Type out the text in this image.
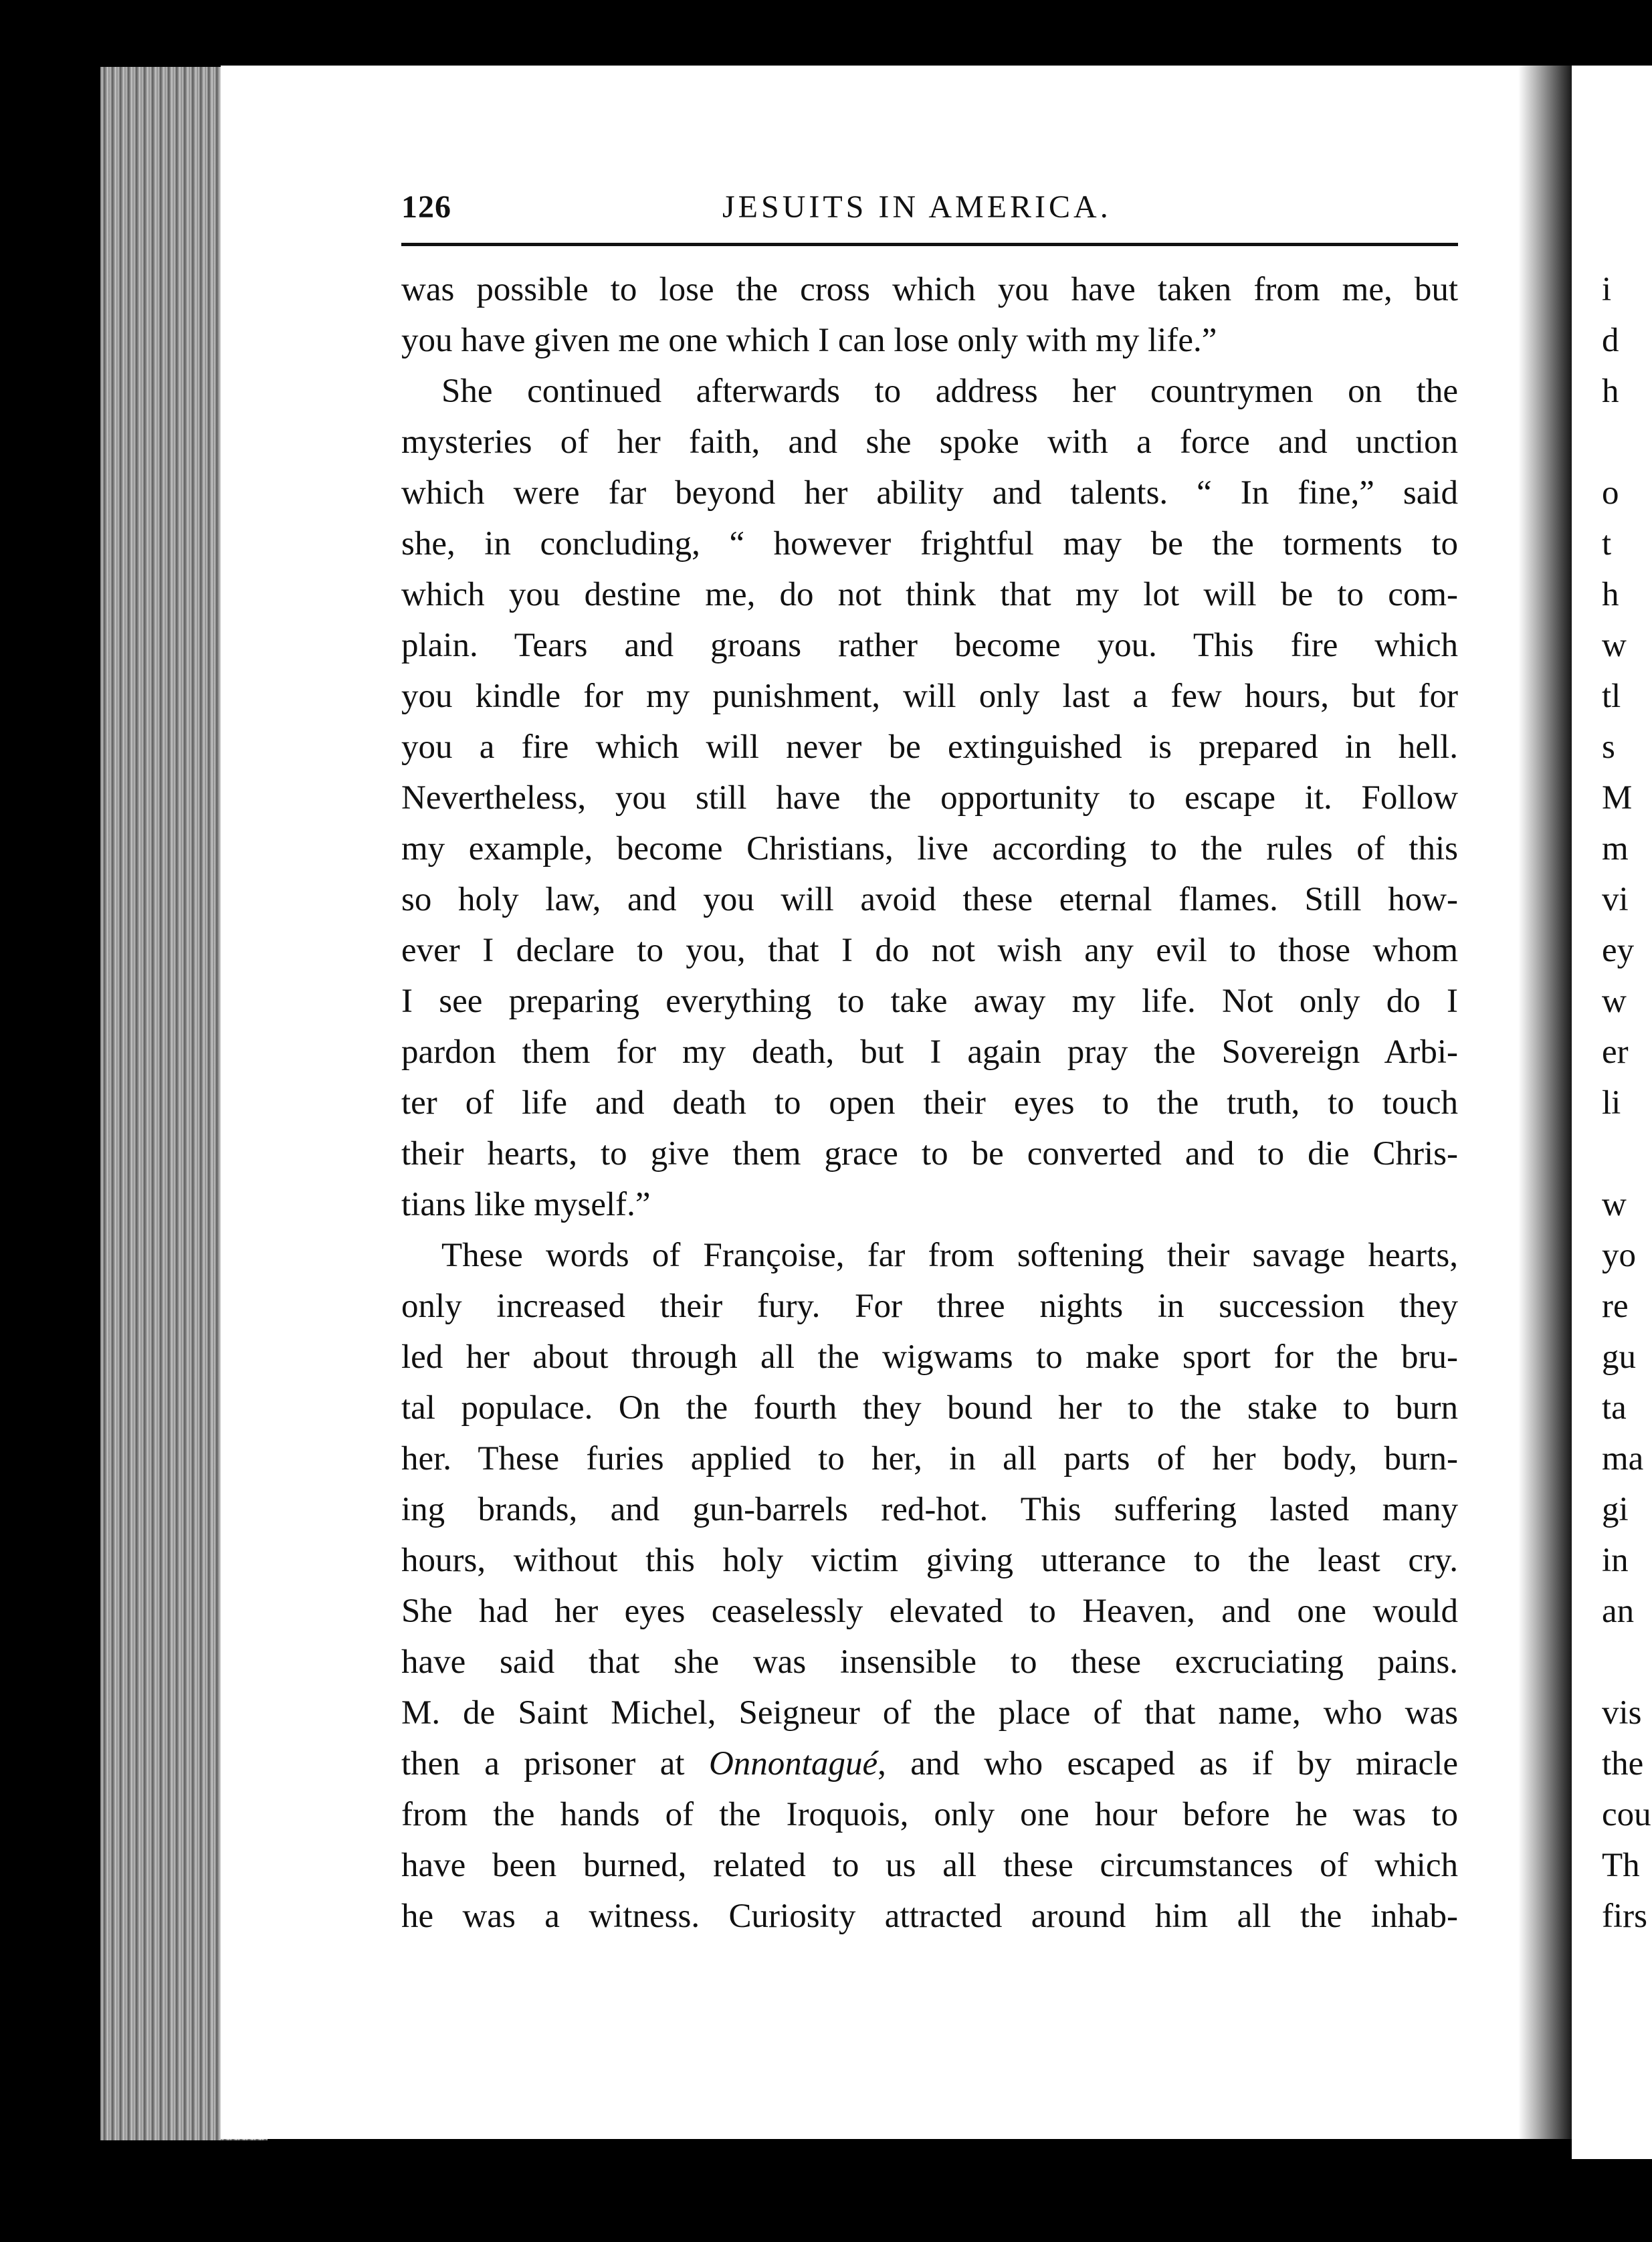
126	JESUITS IN AMERICA.
was possible to lose the cross which you have taken from me, but
you have given me one which I can lose only with my life.”
She continued afterwards to address her countrymen on the
mysteries of her faith, and she spoke with a force and unction
which were far beyond her ability and talents. “ In fine,” said
she, in concluding, “ however frightful may be the torments to
which you destine me, do not think that my lot will be to com-
plain. Tears and groans rather become you. This fire which
you kindle for my punishment, will only last a few hours, but for
you a fire which will never be extinguished is prepared in hell.
Nevertheless, you still have the opportunity to escape it. Follow
my example, become Christians, live according to the rules of this
so holy law, and you will avoid these eternal flames. Still how-
ever I declare to you, that I do not wish any evil to those whom
I see preparing everything to take away my life. Not only do I
pardon them for my death, but I again pray the Sovereign Arbi-
ter of life and death to open their eyes to the truth, to touch
their hearts, to give them grace to be converted and to die Chris-
tians like myself.”
These words of Françoise, far from softening their savage hearts,
only increased their fury. For three nights in succession they
led her about through all the wigwams to make sport for the bru-
tal populace. On the fourth they bound her to the stake to burn
her. These furies applied to her, in all parts of her body, burn-
ing brands, and gun-barrels red-hot. This suffering lasted many
hours, without this holy victim giving utterance to the least cry.
She had her eyes ceaselessly elevated to Heaven, and one would
have said that she was insensible to these excruciating pains.
M. de Saint Michel, Seigneur of the place of that name, who was
then a prisoner at Onnontagué, and who escaped as if by miracle
from the hands of the Iroquois, only one hour before he was to
have been burned, related to us all these circumstances of which
he was a witness. Curiosity attracted around him all the inhab-
i
d
h
o
t
h
w
tl
s
M
m
vi
ey
w
er
li
w
yo
re
gu
ta
ma
gi
in
an
vis
the
cou
Th
firs
